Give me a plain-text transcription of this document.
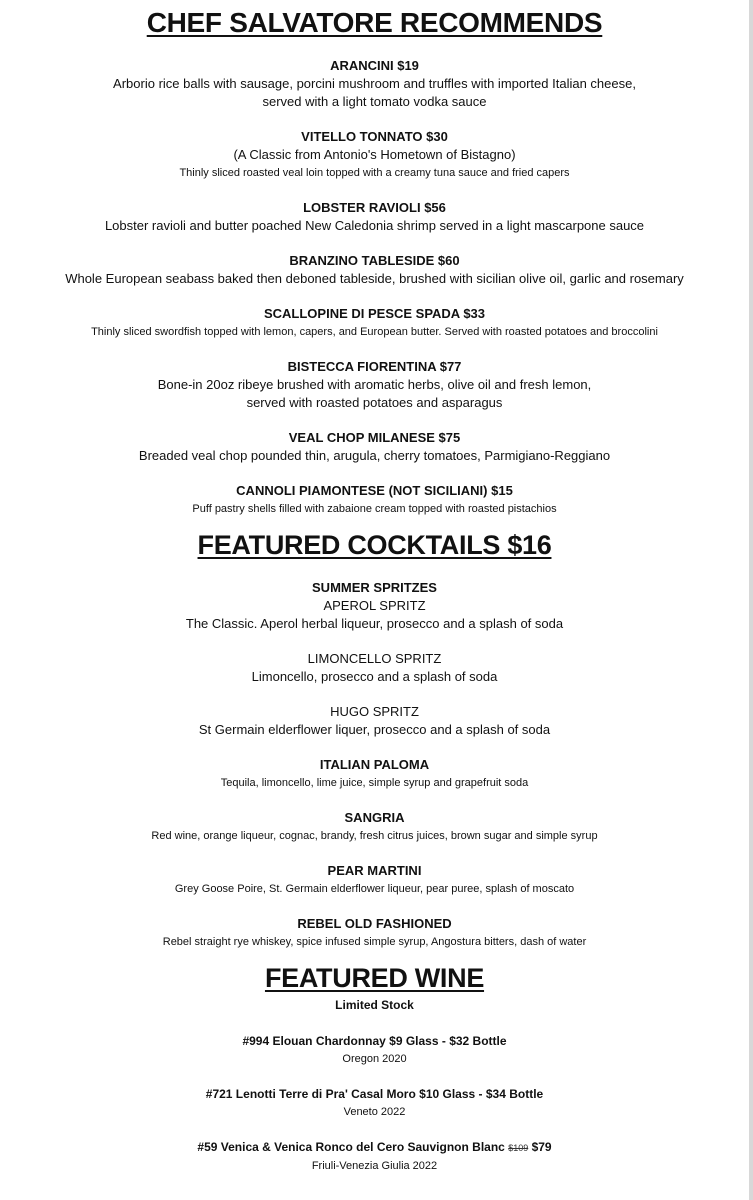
CHEF SALVATORE RECOMMENDS
ARANCINI $19
Arborio rice balls with sausage, porcini mushroom and truffles with imported Italian cheese,
served with a light tomato vodka sauce
VITELLO TONNATO $30
(A Classic from Antonio's Hometown of Bistagno)
Thinly sliced roasted veal loin topped with a creamy tuna sauce and fried capers
LOBSTER RAVIOLI $56
Lobster ravioli and butter poached New Caledonia shrimp served in a light mascarpone sauce
BRANZINO TABLESIDE $60
Whole European seabass baked then deboned tableside, brushed with sicilian olive oil, garlic and rosemary
SCALLOPINE DI PESCE SPADA $33
Thinly sliced swordfish topped with lemon, capers, and European butter. Served with roasted potatoes and broccolini
BISTECCA FIORENTINA $77
Bone-in 20oz ribeye brushed with aromatic herbs, olive oil and fresh lemon,
served with roasted potatoes and asparagus
VEAL CHOP MILANESE $75
Breaded veal chop pounded thin, arugula, cherry tomatoes, Parmigiano-Reggiano
CANNOLI PIAMONTESE (NOT SICILIANI) $15
Puff pastry shells filled with zabaione cream topped with roasted pistachios
FEATURED COCKTAILS $16
SUMMER SPRITZES
APEROL SPRITZ
The Classic. Aperol herbal liqueur, prosecco and a splash of soda
LIMONCELLO SPRITZ
Limoncello, prosecco and a splash of soda
HUGO SPRITZ
St Germain elderflower liquer, prosecco and a splash of soda
ITALIAN PALOMA
Tequila, limoncello, lime juice, simple syrup and grapefruit soda
SANGRIA
Red wine, orange liqueur, cognac, brandy, fresh citrus juices, brown sugar and simple syrup
PEAR MARTINI
Grey Goose Poire, St. Germain elderflower liqueur, pear puree, splash of moscato
REBEL OLD FASHIONED
Rebel straight rye whiskey, spice infused simple syrup, Angostura bitters, dash of water
FEATURED WINE
Limited Stock
#994 Elouan Chardonnay $9 Glass - $32 Bottle
Oregon 2020
#721 Lenotti Terre di Pra' Casal Moro $10 Glass - $34 Bottle
Veneto 2022
#59 Venica & Venica Ronco del Cero Sauvignon Blanc $109 $79
Friuli-Venezia Giulia 2022
